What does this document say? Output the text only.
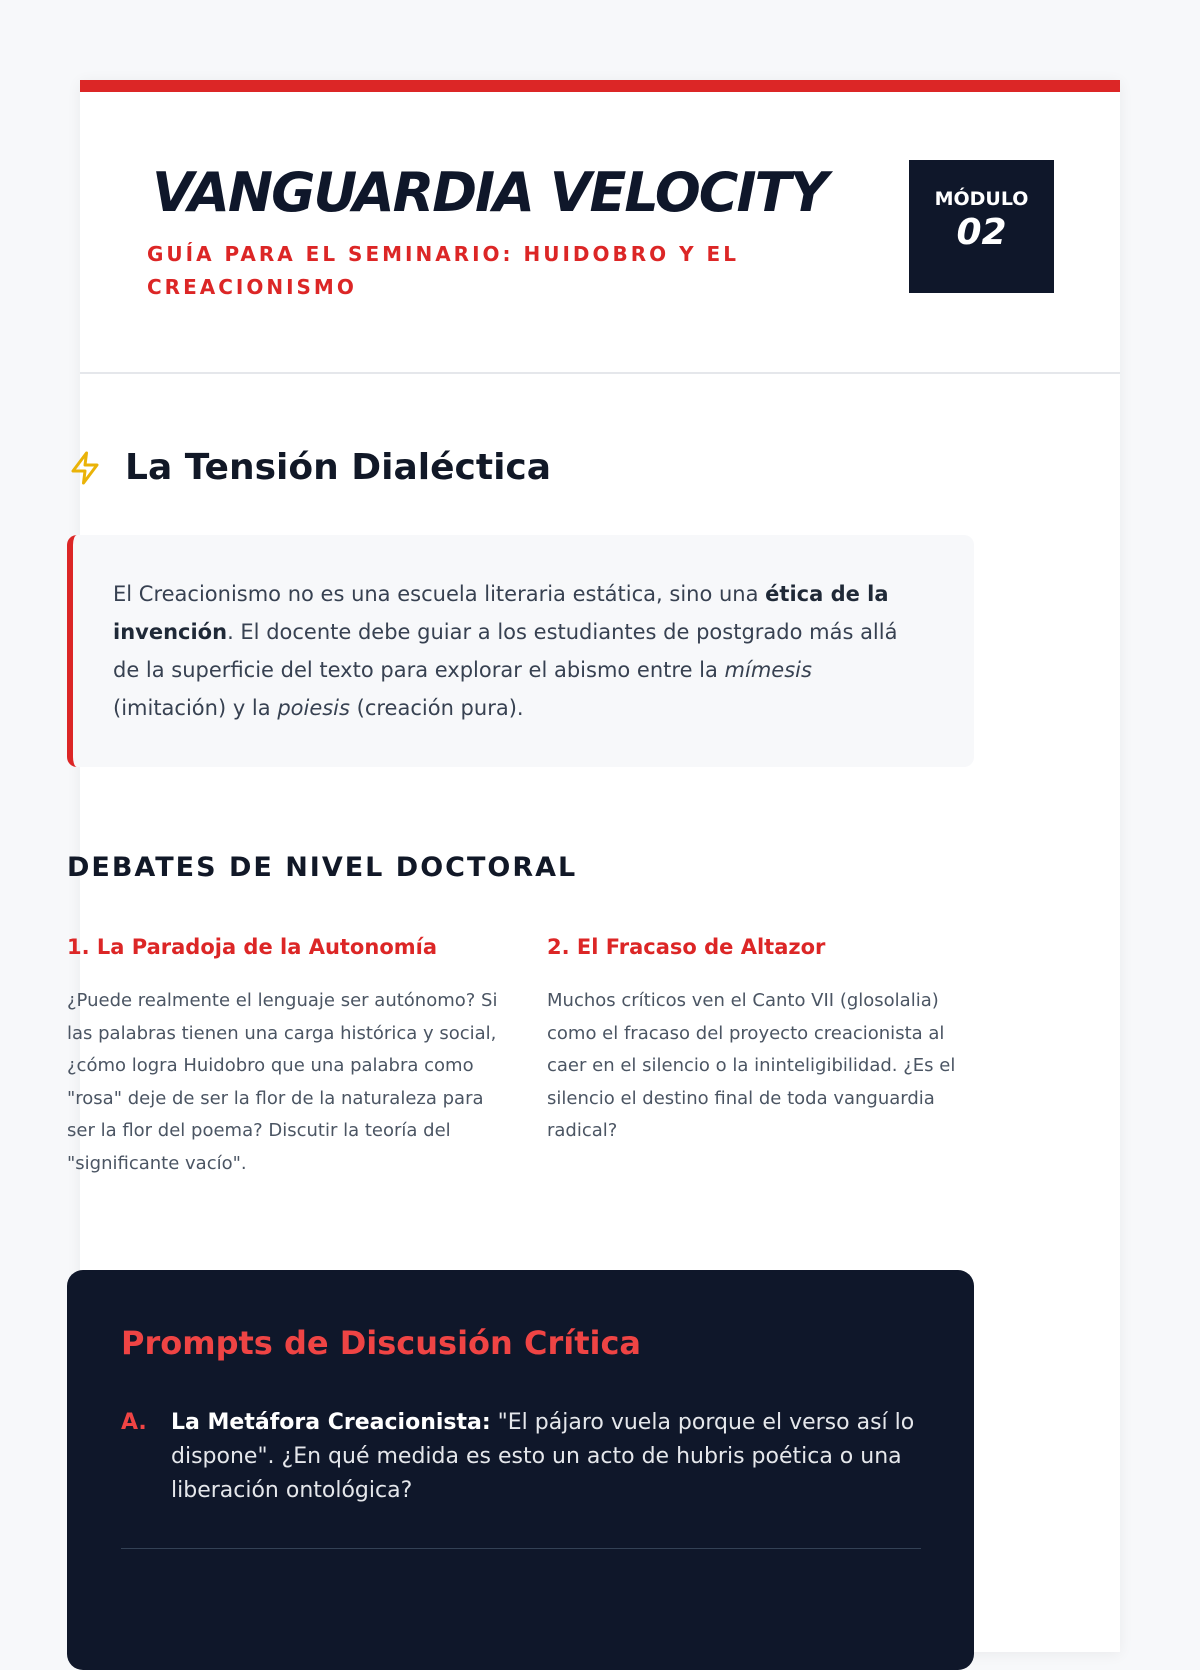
VANGUARDIA VELOCITY
GUÍA PARA EL SEMINARIO: HUIDOBRO Y EL CREACIONISMO
MÓDULO
02
La Tensión Dialéctica
El Creacionismo no es una escuela literaria estática, sino una ética de la invención. El docente debe guiar a los estudiantes de postgrado más allá de la superficie del texto para explorar el abismo entre la mímesis (imitación) y la poiesis (creación pura).
DEBATES DE NIVEL DOCTORAL
1. La Paradoja de la Autonomía

¿Puede realmente el lenguaje ser autónomo? Si las palabras tienen una carga histórica y social, ¿cómo logra Huidobro que una palabra como "rosa" deje de ser la flor de la naturaleza para ser la flor del poema? Discutir la teoría del "significante vacío".

2. El Fracaso de Altazor

Muchos críticos ven el Canto VII (glosolalia) como el fracaso del proyecto creacionista al caer en el silencio o la ininteligibilidad. ¿Es el silencio el destino final de toda vanguardia radical?

Prompts de Discusión Crítica
A.	La Metáfora Creacionista: "El pájaro vuela porque el verso así lo dispone". ¿En qué medida es esto un acto de hubris poética o una liberación ontológica?
